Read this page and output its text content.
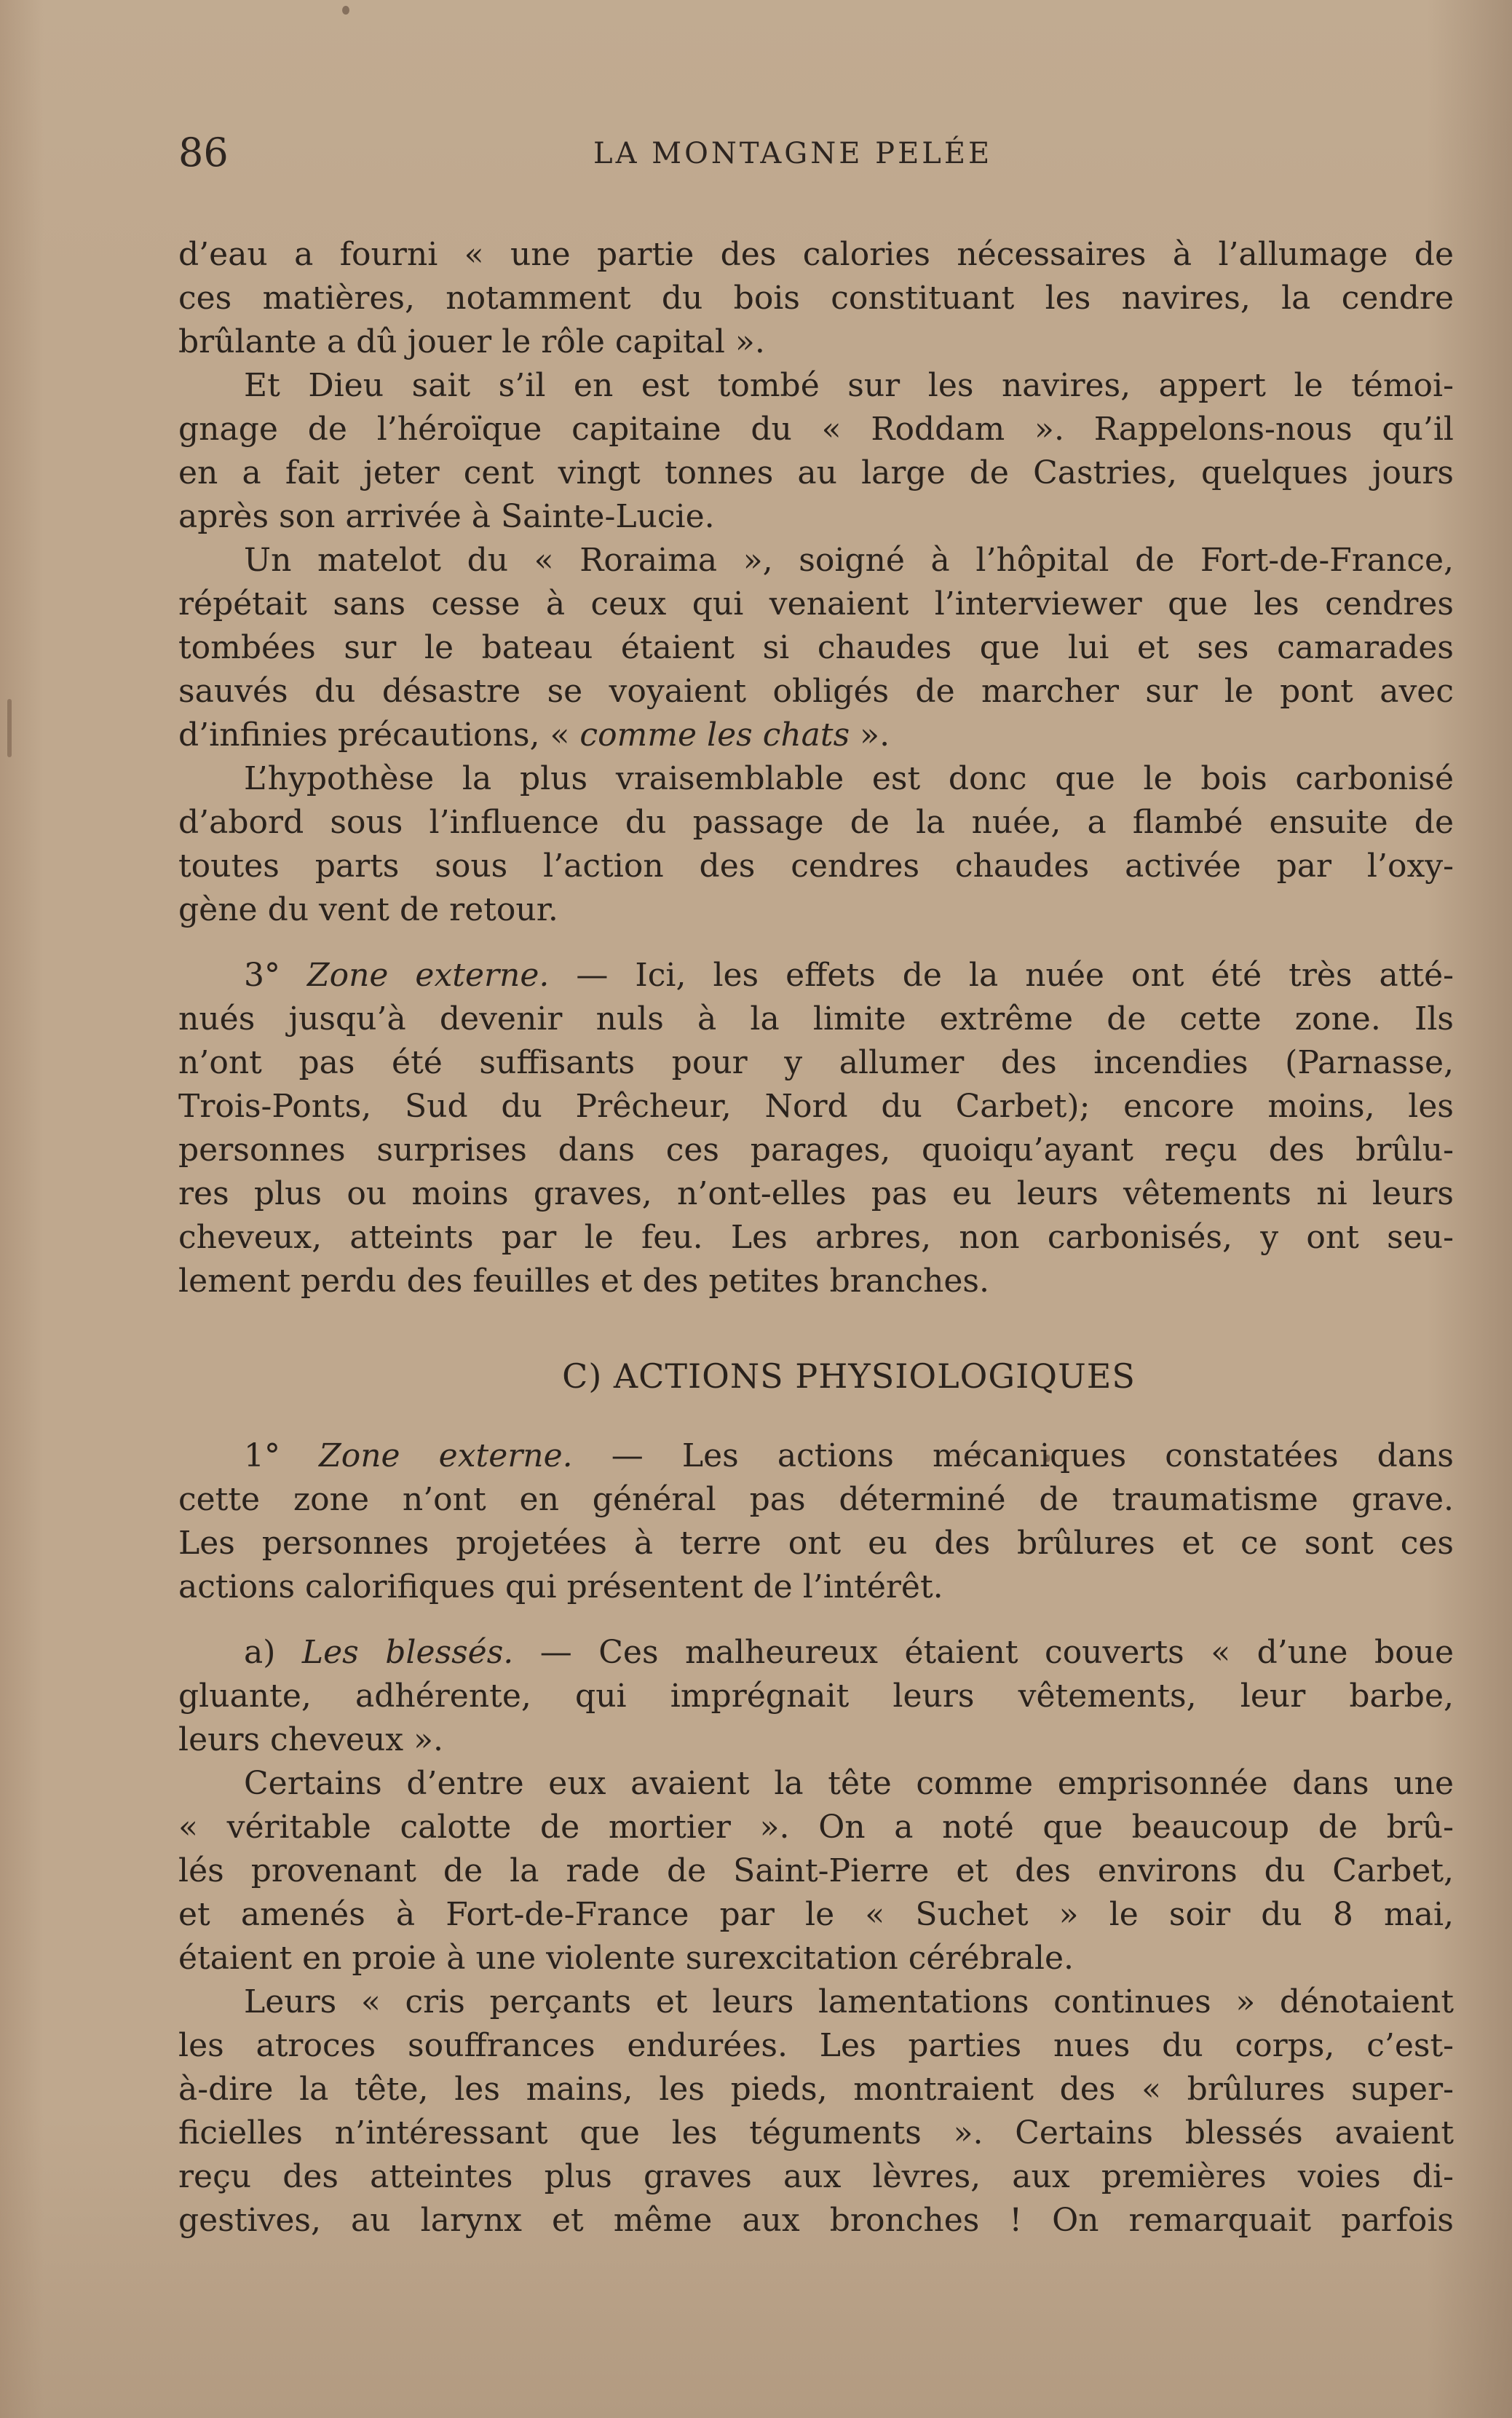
86	LA MONTAGNE PELÉE

d’eau a fourni « une partie des calories nécessaires à l’allumage de
ces matières, notamment du bois constituant les navires, la cendre
brûlante a dû jouer le rôle capital ».

Et Dieu sait s’il en est tombé sur les navires, appert le témoi-
gnage de l’héroïque capitaine du « Roddam ». Rappelons-nous qu’il
en a fait jeter cent vingt tonnes au large de Castries, quelques jours
après son arrivée à Sainte-Lucie.

Un matelot du « Roraima », soigné à l’hôpital de Fort-de-France,
répétait sans cesse à ceux qui venaient l’interviewer que les cendres
tombées sur le bateau étaient si chaudes que lui et ses camarades
sauvés du désastre se voyaient obligés de marcher sur le pont avec
d’infinies précautions, « comme les chats ».

L’hypothèse la plus vraisemblable est donc que le bois carbonisé
d’abord sous l’influence du passage de la nuée, a flambé ensuite de
toutes parts sous l’action des cendres chaudes activée par l’oxy-
gène du vent de retour.

3° Zone externe. — Ici, les effets de la nuée ont été très atté-
nués jusqu’à devenir nuls à la limite extrême de cette zone. Ils
n’ont pas été suffisants pour y allumer des incendies (Parnasse,
Trois-Ponts, Sud du Prêcheur, Nord du Carbet); encore moins, les
personnes surprises dans ces parages, quoiqu’ayant reçu des brûlu-
res plus ou moins graves, n’ont-elles pas eu leurs vêtements ni leurs
cheveux, atteints par le feu. Les arbres, non carbonisés, y ont seu-
lement perdu des feuilles et des petites branches.

C) ACTIONS PHYSIOLOGIQUES

1° Zone externe. — Les actions mécaniques constatées dans
cette zone n’ont en général pas déterminé de traumatisme grave.
Les personnes projetées à terre ont eu des brûlures et ce sont ces
actions calorifiques qui présentent de l’intérêt.

a) Les blessés. — Ces malheureux étaient couverts « d’une boue
gluante, adhérente, qui imprégnait leurs vêtements, leur barbe,
leurs cheveux ».

Certains d’entre eux avaient la tête comme emprisonnée dans une
« véritable calotte de mortier ». On a noté que beaucoup de brû-
lés provenant de la rade de Saint-Pierre et des environs du Carbet,
et amenés à Fort-de-France par le « Suchet » le soir du 8 mai,
étaient en proie à une violente surexcitation cérébrale.

Leurs « cris perçants et leurs lamentations continues » dénotaient
les atroces souffrances endurées. Les parties nues du corps, c’est-
à-dire la tête, les mains, les pieds, montraient des « brûlures super-
ficielles n’intéressant que les téguments ». Certains blessés avaient
reçu des atteintes plus graves aux lèvres, aux premières voies di-
gestives, au larynx et même aux bronches ! On remarquait parfois
